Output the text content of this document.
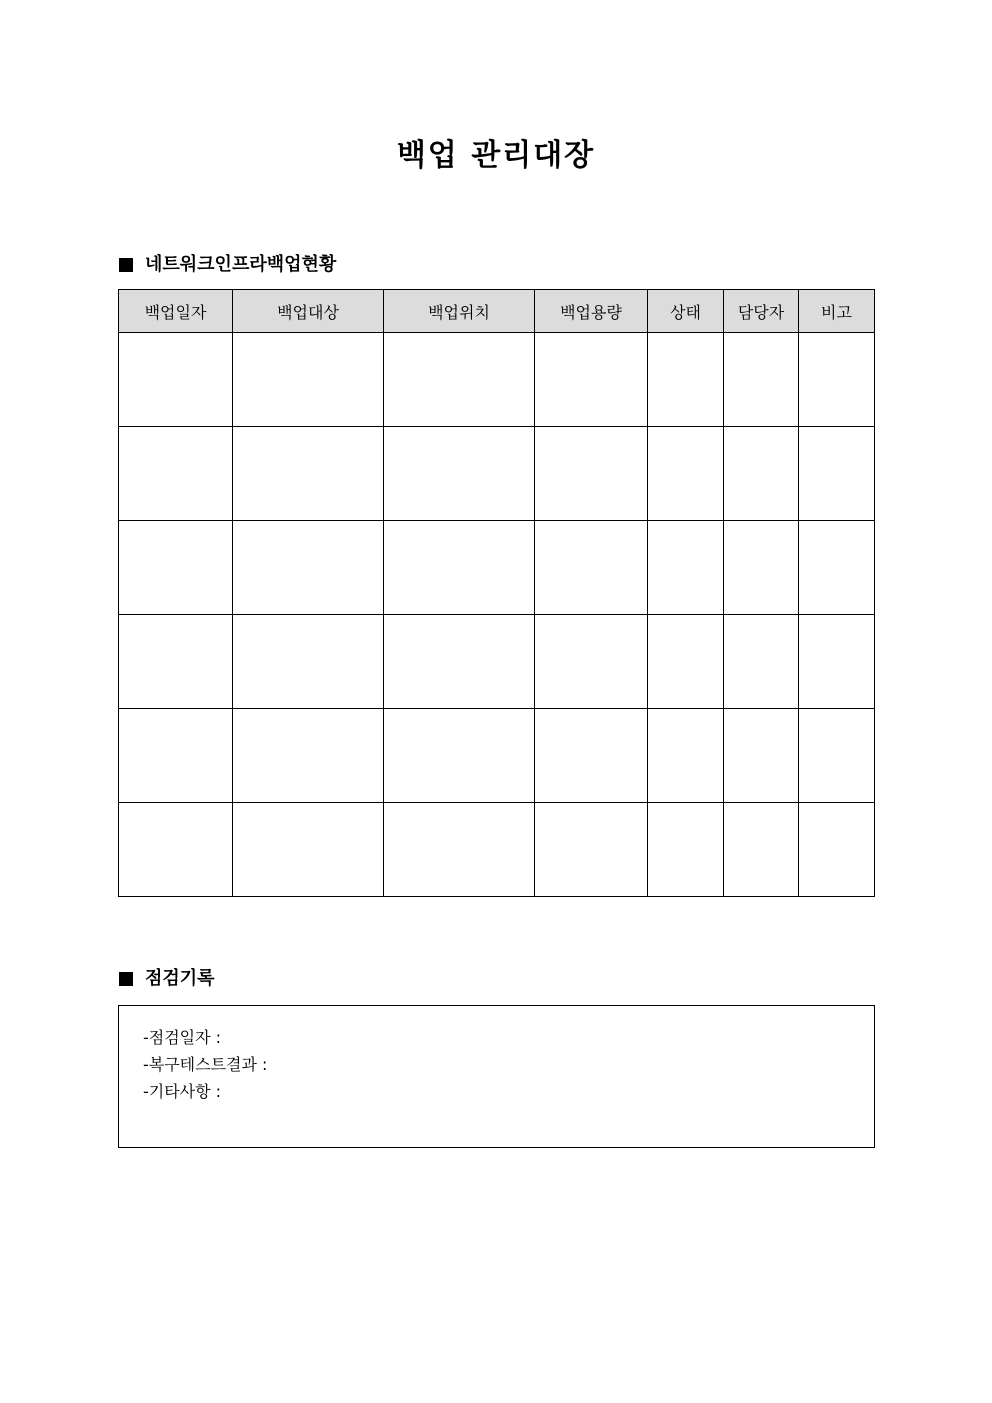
백업 관리대장
네트워크인프라백업현황
백업일자	백업대상	백업위치	백업용량	상태	담당자	비고

점검기록
-점검일자 :
-복구테스트결과 :
-기타사항 :
